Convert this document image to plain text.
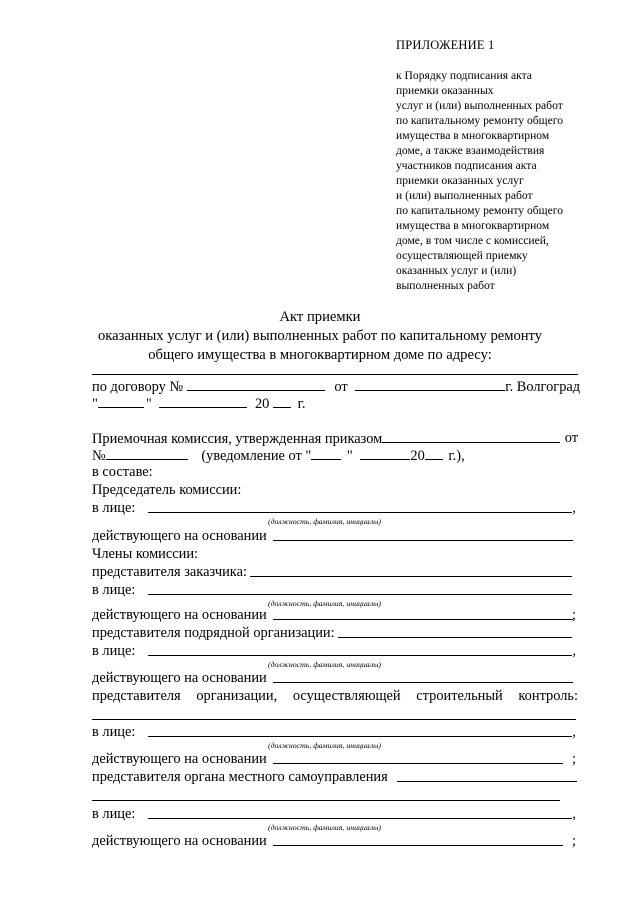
ПРИЛОЖЕНИЕ 1
к Порядку подписания акта
приемки оказанных
услуг и (или) выполненных работ
по капитальному ремонту общего
имущества в многоквартирном
доме, а также взаимодействия
участников подписания акта
приемки оказанных услуг
и (или) выполненных работ
по капитальному ремонту общего
имущества в многоквартирном
доме, в том числе с комиссией,
осуществляющей приемку
оказанных услуг и (или)
выполненных работ
Акт приемки
оказанных услуг и (или) выполненных работ по капитальному ремонту
общего имущества в многоквартирном доме по адресу:
по договору №	от	г. Волгоград
"	"	20 г.
Приемочная комиссия, утвержденная приказом	от
№	(уведомление от " "	20 г.),
в составе:
Председатель комиссии:
в лице:	,
(должность, фамилия, инициалы)
действующего на основании
Члены комиссии:
представителя заказчика:
в лице:
(должность, фамилия, инициалы)
действующего на основании	;
представителя подрядной организации:
в лице:	,
(должность, фамилия, инициалы)
действующего на основании
представителя организации, осуществляющей строительный контроль:
в лице:	,
(должность, фамилия, инициалы)
действующего на основании	;
представителя органа местного самоуправления
в лице:	,
(должность, фамилия, инициалы)
действующего на основании	;
